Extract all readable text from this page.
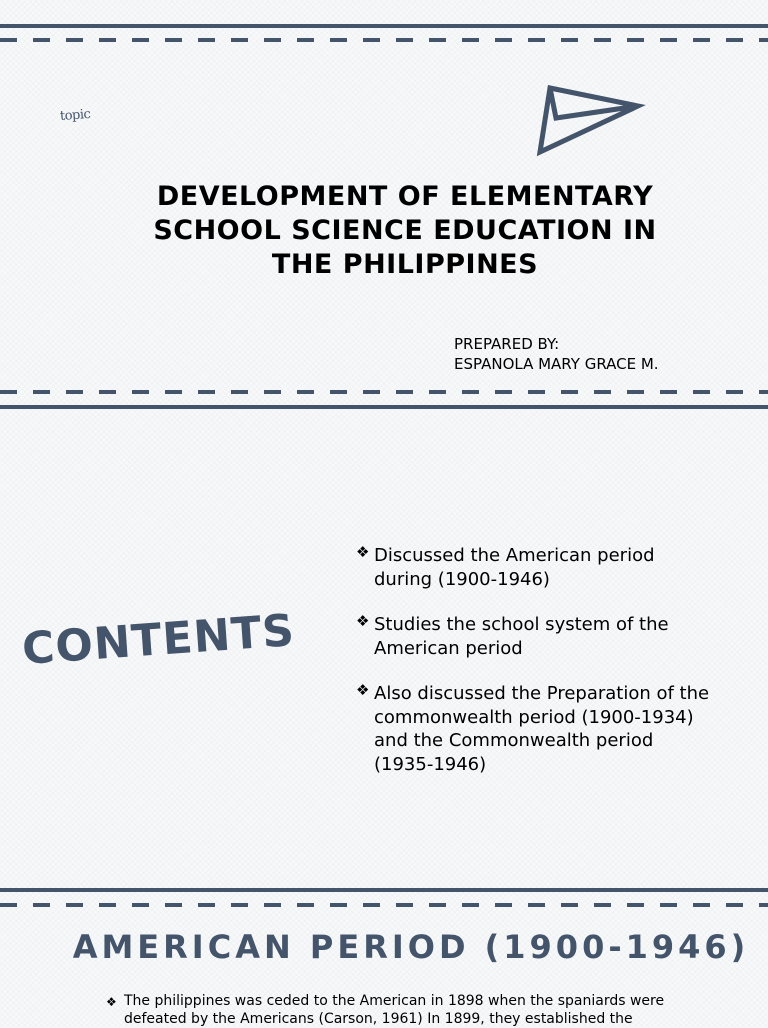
topic
DEVELOPMENT OF ELEMENTARY SCHOOL SCIENCE EDUCATION IN THE PHILIPPINES
PREPARED BY:
ESPANOLA MARY GRACE M.
CONTENTS
❖ Discussed the American period during (1900-1946)
❖ Studies the school system of the American period
❖ Also discussed the Preparation of the commonwealth period (1900-1934) and the Commonwealth period (1935-1946)
AMERICAN PERIOD (1900-1946)
❖ The philippines was ceded to the American in 1898 when the spaniards were defeated by the Americans (Carson, 1961) In 1899, they established the
